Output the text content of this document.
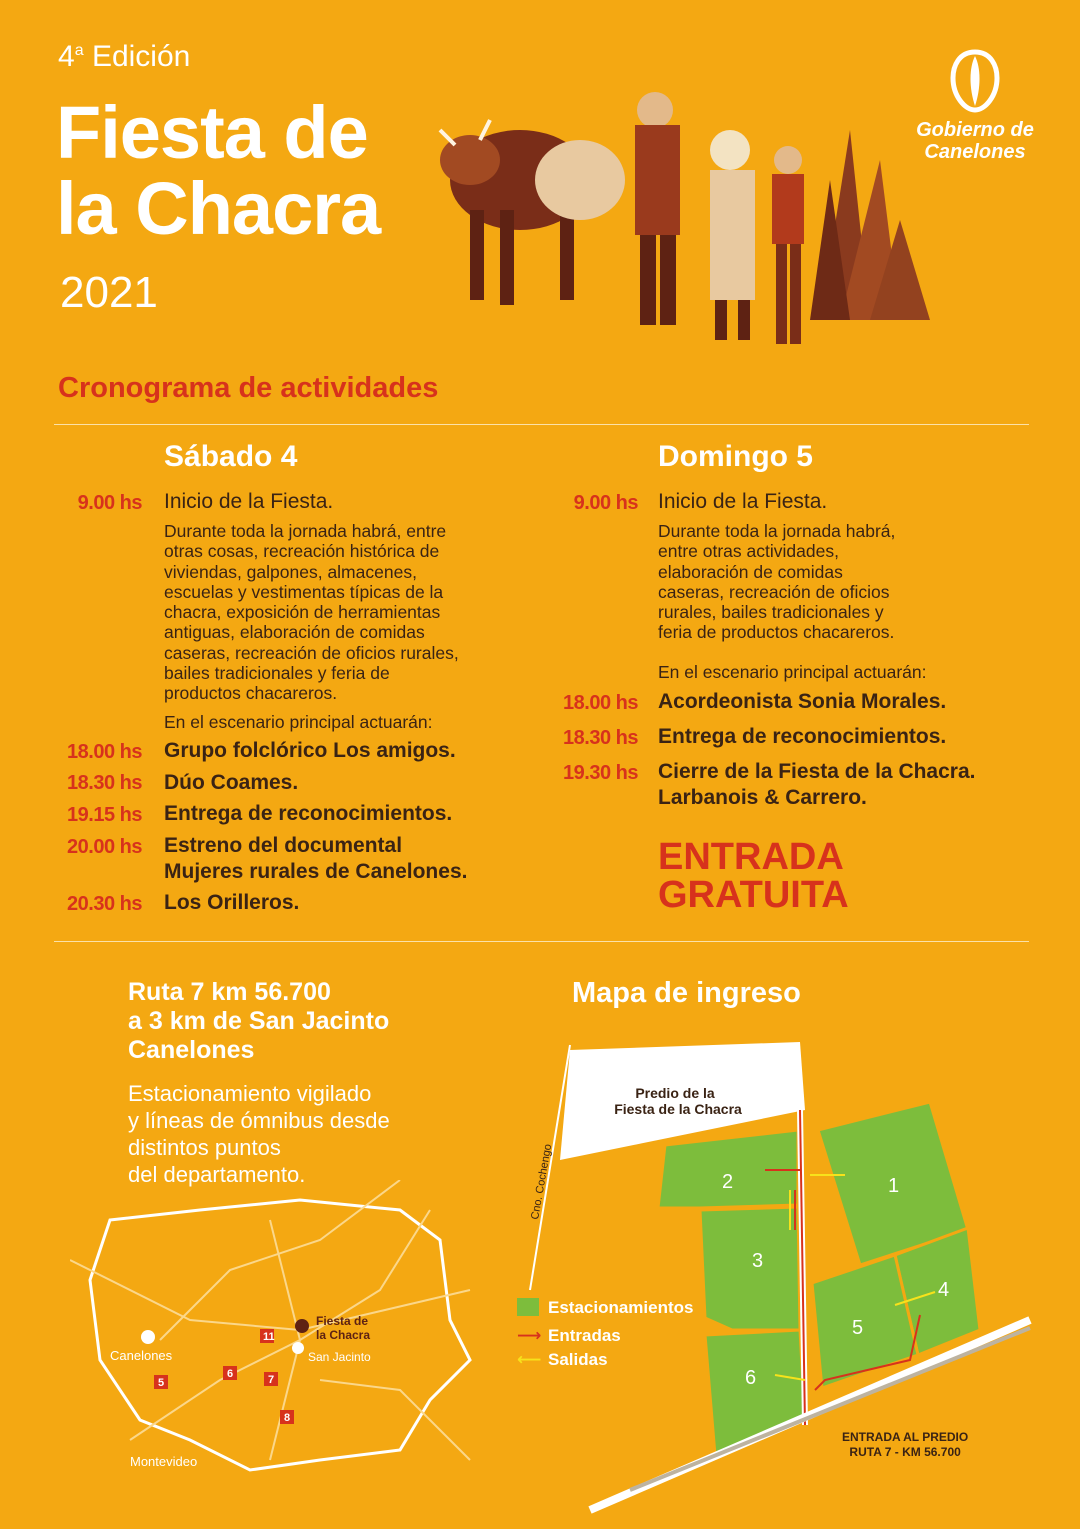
4$^a$ Edición
Fiesta de
la Chacra
2021
Gobierno de
Canelones
Cronograma de actividades
Sábado 4
9.00 hs Inicio de la Fiesta.
Durante toda la jornada habrá, entre
otras cosas, recreación histórica de
viviendas, galpones, almacenes,
escuelas y vestimentas típicas de la
chacra, exposición de herramientas
antiguas, elaboración de comidas
caseras, recreación de oficios rurales,
bailes tradicionales y feria de
productos chacareros.
En el escenario principal actuarán:
18.00 hs Grupo folclórico Los amigos.
18.30 hs Dúo Coames.
19.15 hs Entrega de reconocimientos.
20.00 hs Estreno del documental
Mujeres rurales de Canelones.
20.30 hs Los Orilleros.
Domingo 5
9.00 hs Inicio de la Fiesta.
Durante toda la jornada habrá,
entre otras actividades,
elaboración de comidas
caseras, recreación de oficios
rurales, bailes tradicionales y
feria de productos chacareros.
En el escenario principal actuarán:
18.00 hs Acordeonista Sonia Morales.
18.30 hs Entrega de reconocimientos.
19.30 hs Cierre de la Fiesta de la Chacra.
Larbanois & Carrero.
ENTRADA
GRATUITA
Ruta 7 km 56.700
a 3 km de San Jacinto
Canelones
Estacionamiento vigilado
y líneas de ómnibus desde
distintos puntos
del departamento.
11
5
6	7
8
Fiesta de
la Chacra
San Jacinto
Canelones
Montevideo
Mapa de ingreso
Predio de la
Fiesta de la Chacra
Cno. Cochengo	2
3
1
4
5
6
Estacionamientos
⟶ Entradas
⟵ Salidas
ENTRADA AL PREDIO
RUTA 7 - KM 56.700
